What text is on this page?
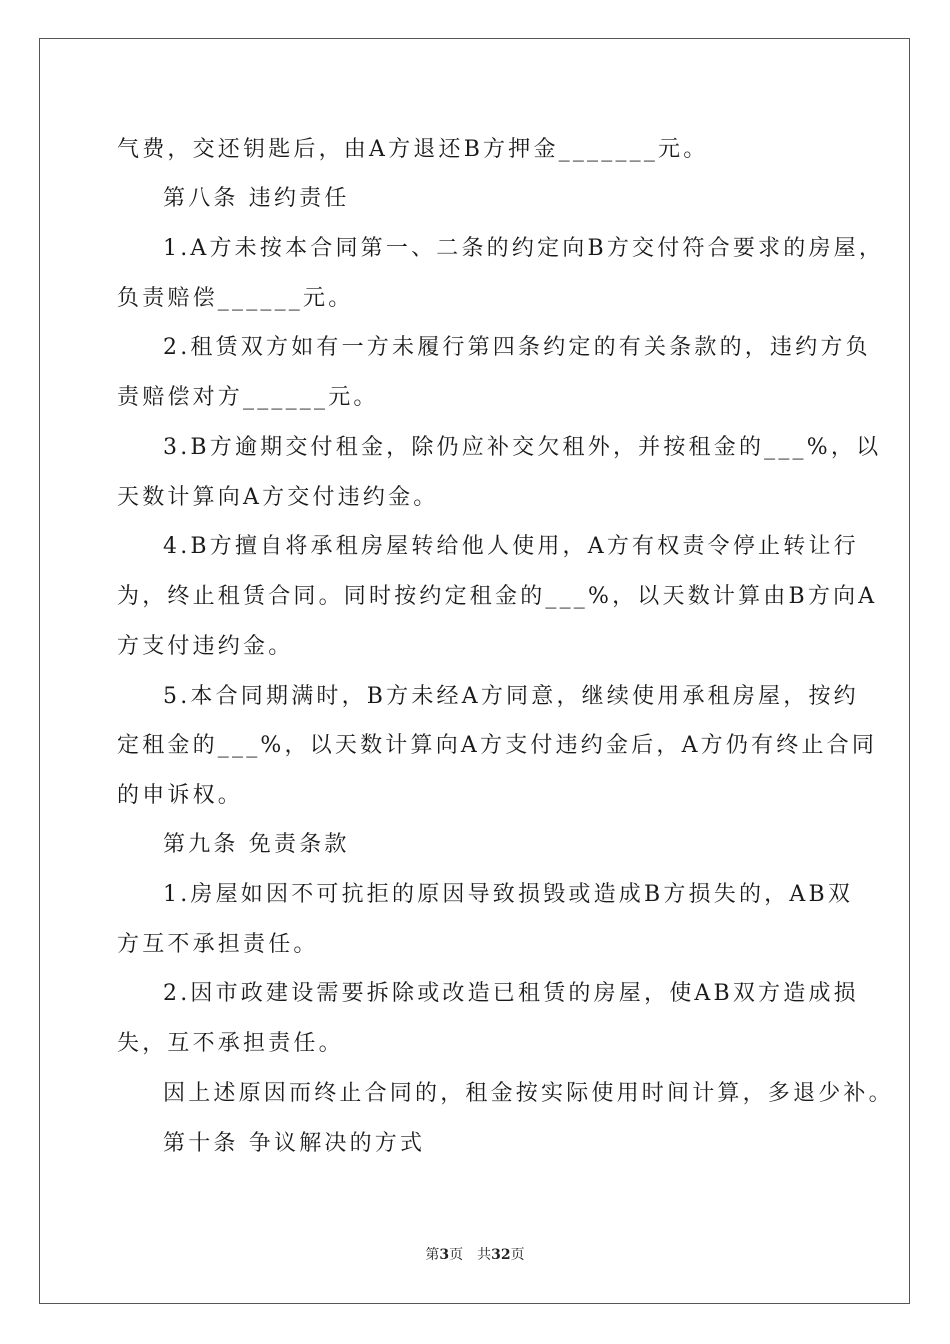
气费，交还钥匙后，由A方退还B方押金_______元。
第八条 违约责任
1.A方未按本合同第一、二条的约定向B方交付符合要求的房屋，
负责赔偿______元。
2.租赁双方如有一方未履行第四条约定的有关条款的，违约方负
责赔偿对方______元。
3.B方逾期交付租金，除仍应补交欠租外，并按租金的___%，以
天数计算向A方交付违约金。
4.B方擅自将承租房屋转给他人使用，A方有权责令停止转让行
为，终止租赁合同。同时按约定租金的___%，以天数计算由B方向A
方支付违约金。
5.本合同期满时，B方未经A方同意，继续使用承租房屋，按约
定租金的___%，以天数计算向A方支付违约金后，A方仍有终止合同
的申诉权。
第九条 免责条款
1.房屋如因不可抗拒的原因导致损毁或造成B方损失的，AB双
方互不承担责任。
2.因市政建设需要拆除或改造已租赁的房屋，使AB双方造成损
失，互不承担责任。
因上述原因而终止合同的，租金按实际使用时间计算，多退少补。
第十条 争议解决的方式
第3页 共32页
